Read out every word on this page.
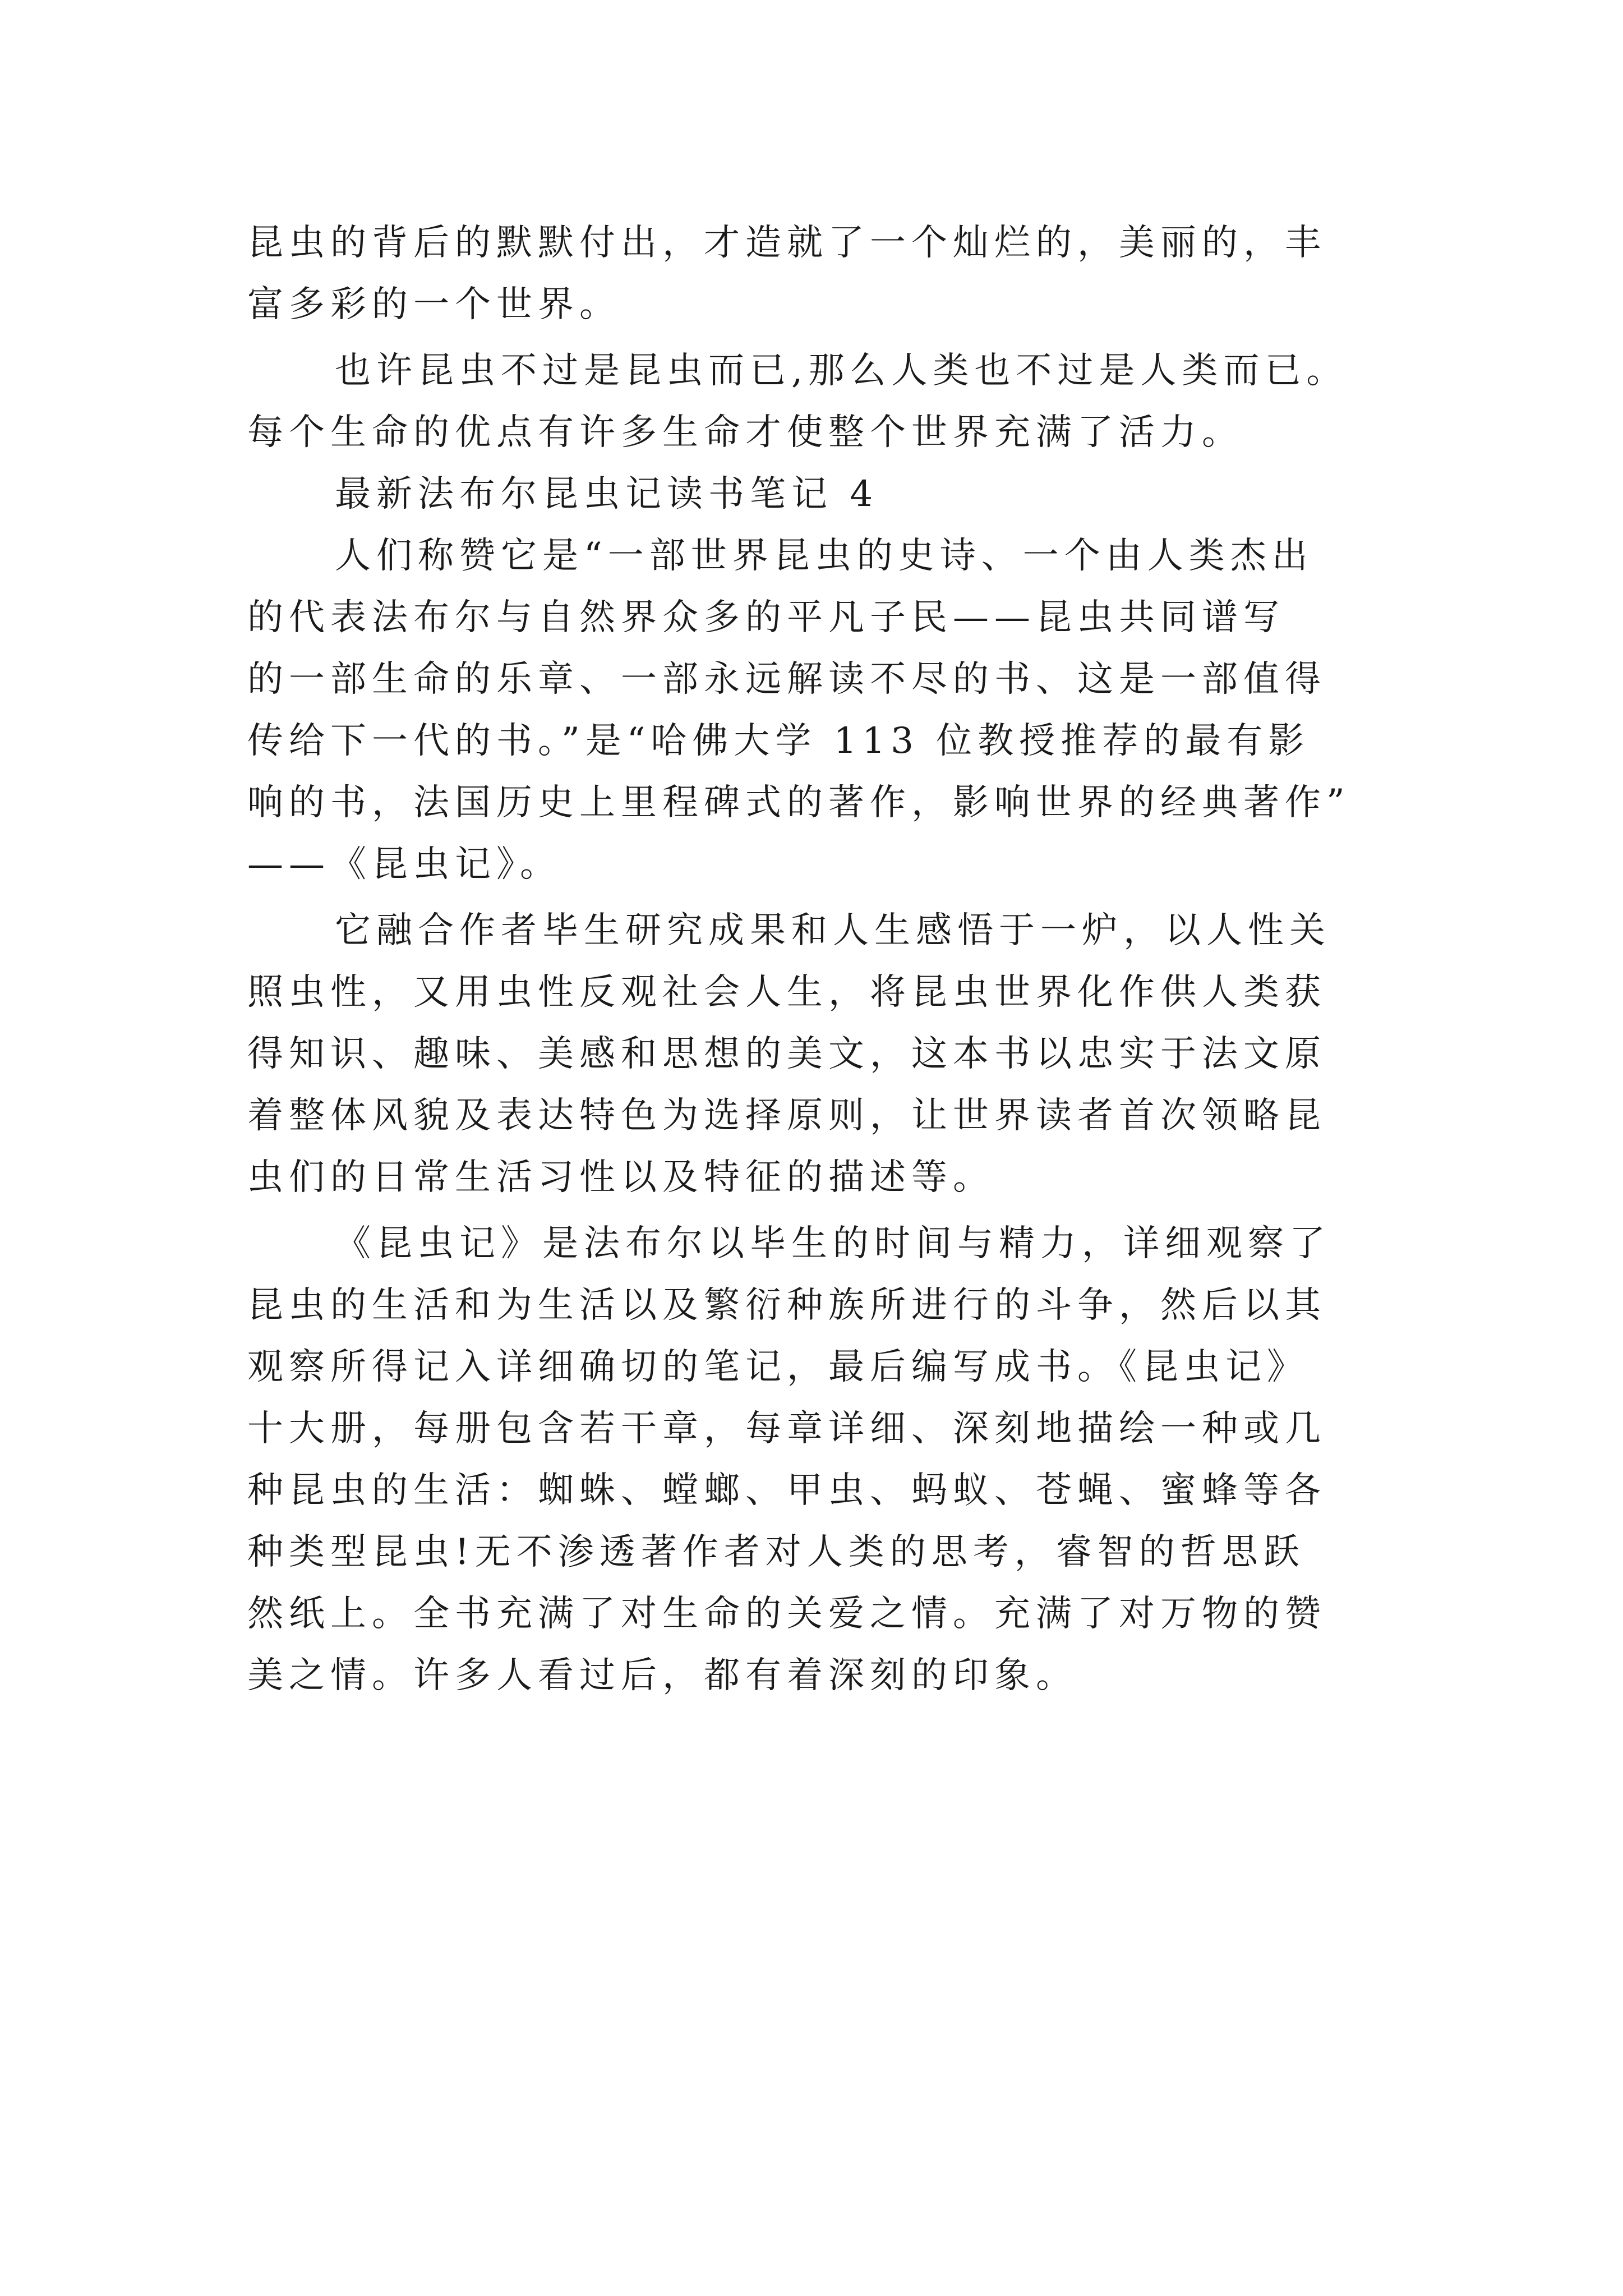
昆虫的背后的默默付出，才造就了一个灿烂的，美丽的，丰
富多彩的一个世界。
也许昆虫不过是昆虫而已,那么人类也不过是人类而已。
每个生命的优点有许多生命才使整个世界充满了活力。
最新法布尔昆虫记读书笔记 4
人们称赞它是“一部世界昆虫的史诗、一个由人类杰出
的代表法布尔与自然界众多的平凡子民——昆虫共同谱写
的一部生命的乐章、一部永远解读不尽的书、这是一部值得
传给下一代的书。”是“哈佛大学 113 位教授推荐的最有影
响的书，法国历史上里程碑式的著作，影响世界的经典著作”
——《昆虫记》。
它融合作者毕生研究成果和人生感悟于一炉，以人性关
照虫性，又用虫性反观社会人生，将昆虫世界化作供人类获
得知识、趣味、美感和思想的美文，这本书以忠实于法文原
着整体风貌及表达特色为选择原则，让世界读者首次领略昆
虫们的日常生活习性以及特征的描述等。
《昆虫记》是法布尔以毕生的时间与精力，详细观察了
昆虫的生活和为生活以及繁衍种族所进行的斗争，然后以其
观察所得记入详细确切的笔记，最后编写成书。《昆虫记》
十大册，每册包含若干章，每章详细、深刻地描绘一种或几
种昆虫的生活：蜘蛛、螳螂、甲虫、蚂蚁、苍蝇、蜜蜂等各
种类型昆虫!无不渗透著作者对人类的思考，睿智的哲思跃
然纸上。全书充满了对生命的关爱之情。充满了对万物的赞
美之情。许多人看过后，都有着深刻的印象。
